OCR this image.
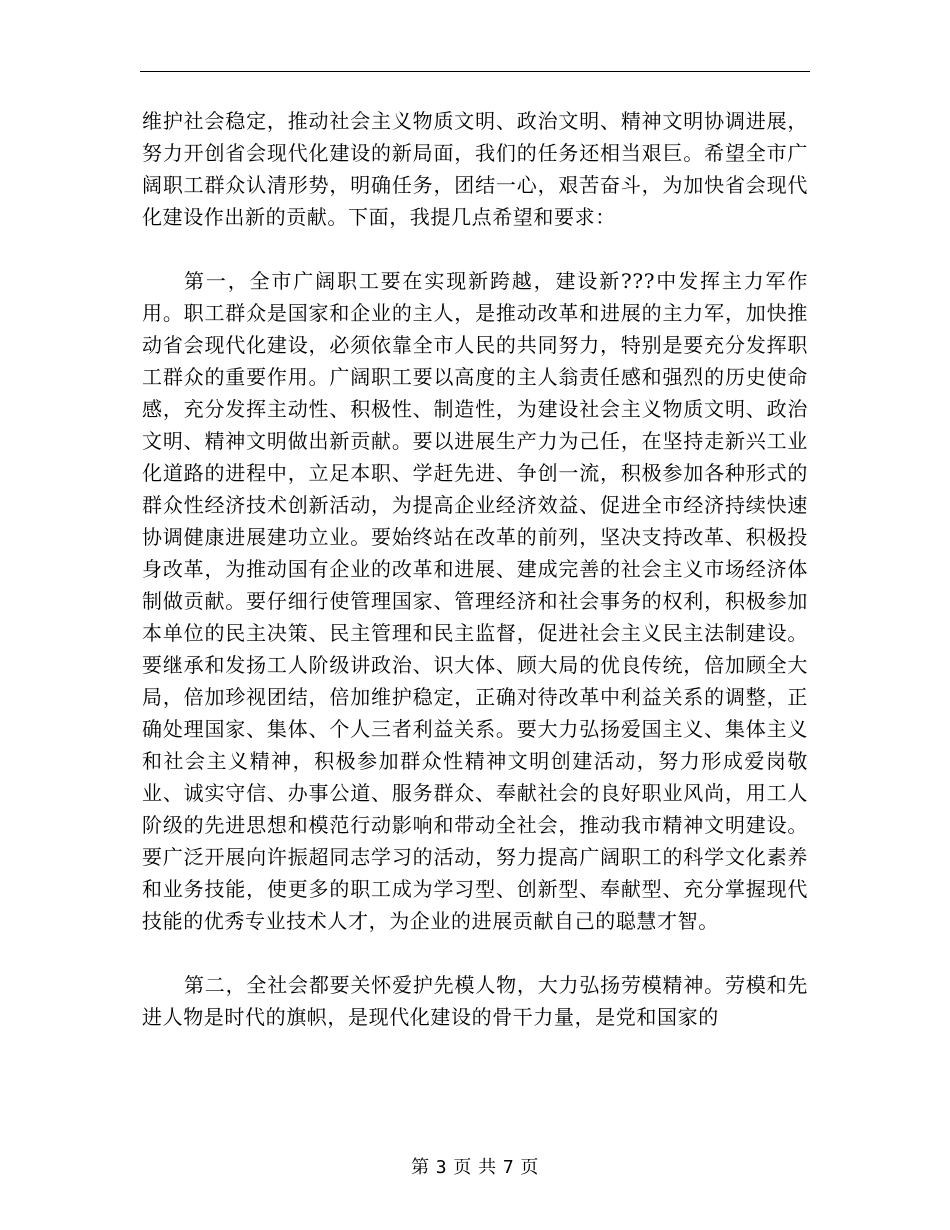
维护社会稳定，推动社会主义物质文明、政治文明、精神文明协调进展，努力开创省会现代化建设的新局面，我们的任务还相当艰巨。希望全市广阔职工群众认清形势，明确任务，团结一心，艰苦奋斗，为加快省会现代化建设作出新的贡献。下面，我提几点希望和要求：

第一，全市广阔职工要在实现新跨越，建设新???中发挥主力军作用。职工群众是国家和企业的主人，是推动改革和进展的主力军，加快推动省会现代化建设，必须依靠全市人民的共同努力，特别是要充分发挥职工群众的重要作用。广阔职工要以高度的主人翁责任感和强烈的历史使命感，充分发挥主动性、积极性、制造性，为建设社会主义物质文明、政治文明、精神文明做出新贡献。要以进展生产力为己任，在坚持走新兴工业化道路的进程中，立足本职、学赶先进、争创一流，积极参加各种形式的群众性经济技术创新活动，为提高企业经济效益、促进全市经济持续快速协调健康进展建功立业。要始终站在改革的前列，坚决支持改革、积极投身改革，为推动国有企业的改革和进展、建成完善的社会主义市场经济体制做贡献。要仔细行使管理国家、管理经济和社会事务的权利，积极参加本单位的民主决策、民主管理和民主监督，促进社会主义民主法制建设。要继承和发扬工人阶级讲政治、识大体、顾大局的优良传统，倍加顾全大局，倍加珍视团结，倍加维护稳定，正确对待改革中利益关系的调整，正确处理国家、集体、个人三者利益关系。要大力弘扬爱国主义、集体主义和社会主义精神，积极参加群众性精神文明创建活动，努力形成爱岗敬业、诚实守信、办事公道、服务群众、奉献社会的良好职业风尚，用工人阶级的先进思想和模范行动影响和带动全社会，推动我市精神文明建设。要广泛开展向许振超同志学习的活动，努力提高广阔职工的科学文化素养和业务技能，使更多的职工成为学习型、创新型、奉献型、充分掌握现代技能的优秀专业技术人才，为企业的进展贡献自己的聪慧才智。

第二，全社会都要关怀爱护先模人物，大力弘扬劳模精神。劳模和先进人物是时代的旗帜，是现代化建设的骨干力量，是党和国家的

第 3 页 共 7 页
